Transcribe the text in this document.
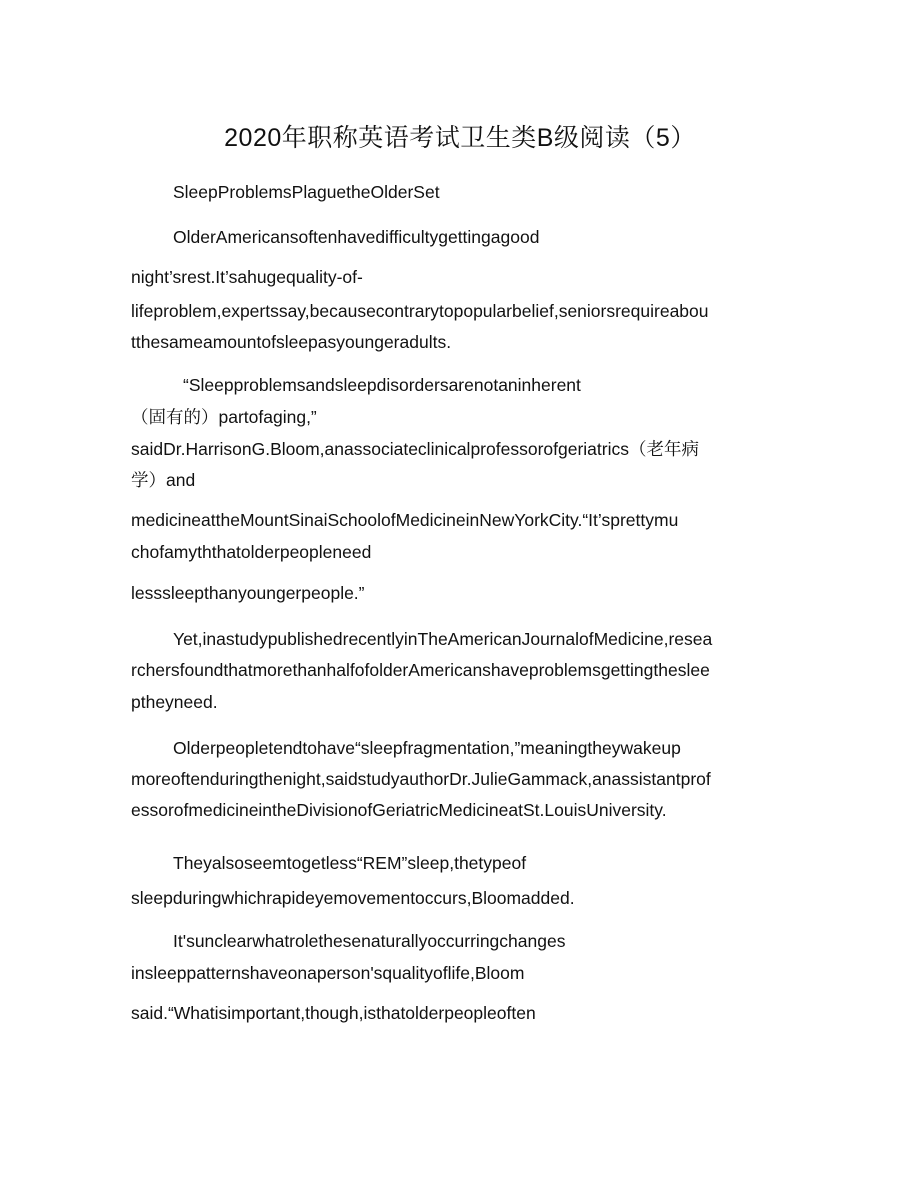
2020年职称英语考试卫生类B级阅读（5）
SleepProblemsPlaguetheOlderSet
OlderAmericansoftenhavedifficultygettingagood
night’srest.It’sahugequality-of-
lifeproblem,expertssay,becausecontrarytopopularbelief,seniorsrequireabou
tthesameamountofsleepasyoungeradults.
“Sleepproblemsandsleepdisordersarenotaninherent
（固有的）partofaging,”
saidDr.HarrisonG.Bloom,anassociateclinicalprofessorofgeriatrics（老年病
学）and
medicineattheMountSinaiSchoolofMedicineinNewYorkCity.“It’sprettymu
chofamyththatolderpeopleneed
lesssleepthanyoungerpeople.”
Yet,inastudypublishedrecentlyinTheAmericanJournalofMedicine,resea
rchersfoundthatmorethanhalfofolderAmericanshaveproblemsgettingthesleе
ptheyneed.
Olderpeopletendtohave“sleepfragmentation,”meaningtheywakeup
moreoftenduringthenight,saidstudyauthorDr.JulieGammack,anassistantprof
essorofmedicineintheDivisionofGeriatricMedicineatSt.LouisUniversity.
Theyalsoseemtogetless“REM”sleep,thetypeof
sleepduringwhichrapideyemovementoccurs,Bloomadded.
It'sunclearwhatrolethesenaturallyoccurringchanges
insleeppatternshaveonaperson'squalityoflife,Bloom
said.“Whatisimportant,though,isthatolderpeopleoften
